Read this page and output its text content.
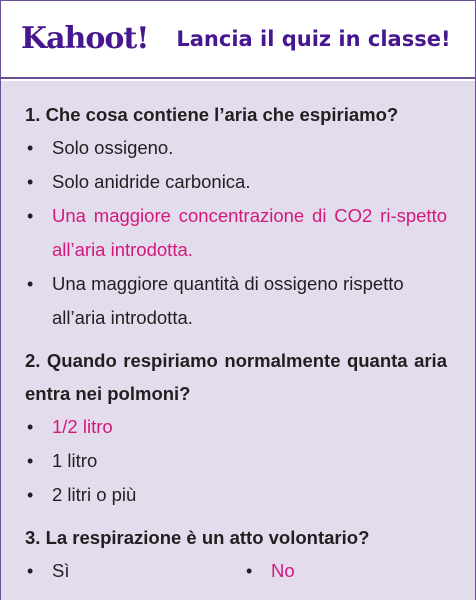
Kahoot! Lancia il quiz in classe!

1. Che cosa contiene l’aria che espiriamo?

• Solo ossigeno.
• Solo anidride carbonica.
• Una maggiore concentrazione di CO2 ri-spetto all’aria introdotta.
• Una maggiore quantità di ossigeno rispetto all’aria introdotta.

2. Quando respiriamo normalmente quanta aria entra nei polmoni?

• 1/2 litro
• 1 litro
• 2 litri o più

3. La respirazione è un atto volontario?

• Sì	• No
